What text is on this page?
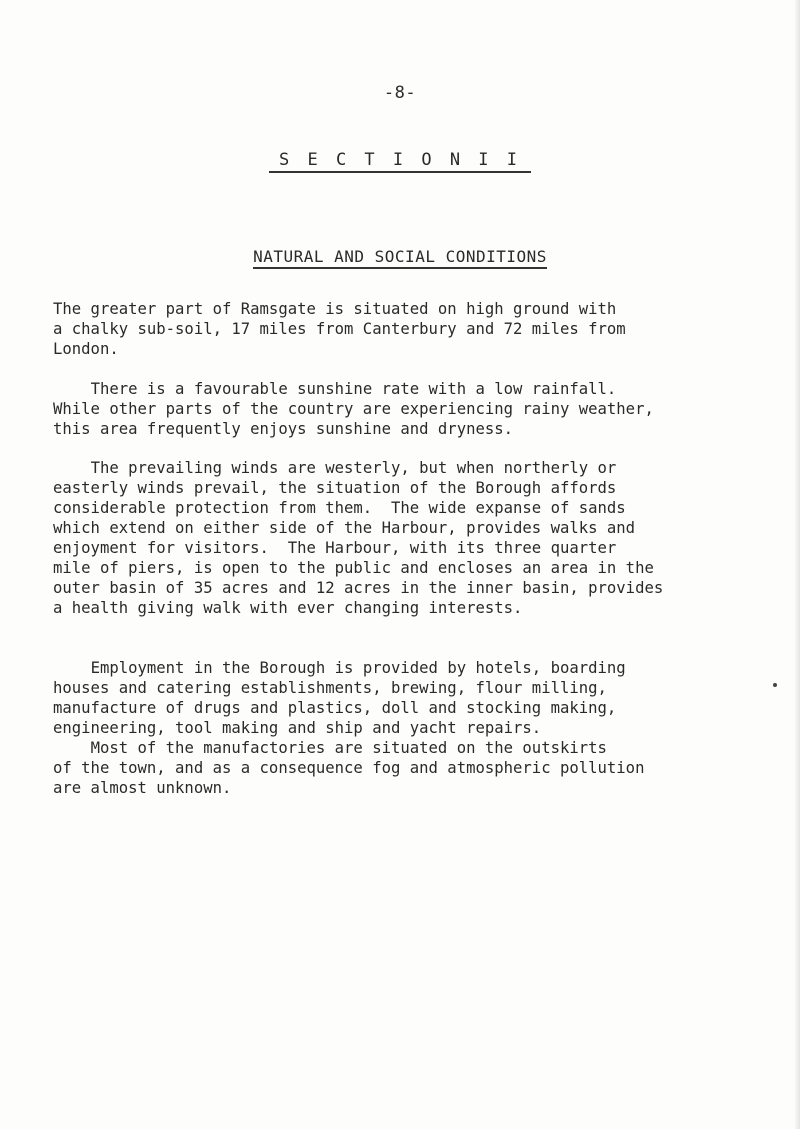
-8-
S E C T I O N I I
NATURAL AND SOCIAL CONDITIONS
The greater part of Ramsgate is situated on high ground with
a chalky sub-soil, 17 miles from Canterbury and 72 miles from
London.
There is a favourable sunshine rate with a low rainfall.
While other parts of the country are experiencing rainy weather,
this area frequently enjoys sunshine and dryness.
The prevailing winds are westerly, but when northerly or
easterly winds prevail, the situation of the Borough affords
considerable protection from them.  The wide expanse of sands
which extend on either side of the Harbour, provides walks and
enjoyment for visitors.  The Harbour, with its three quarter
mile of piers, is open to the public and encloses an area in the
outer basin of 35 acres and 12 acres in the inner basin, provides
a health giving walk with ever changing interests.
Employment in the Borough is provided by hotels, boarding
houses and catering establishments, brewing, flour milling,
manufacture of drugs and plastics, doll and stocking making,
engineering, tool making and ship and yacht repairs.
Most of the manufactories are situated on the outskirts
of the town, and as a consequence fog and atmospheric pollution
are almost unknown.
